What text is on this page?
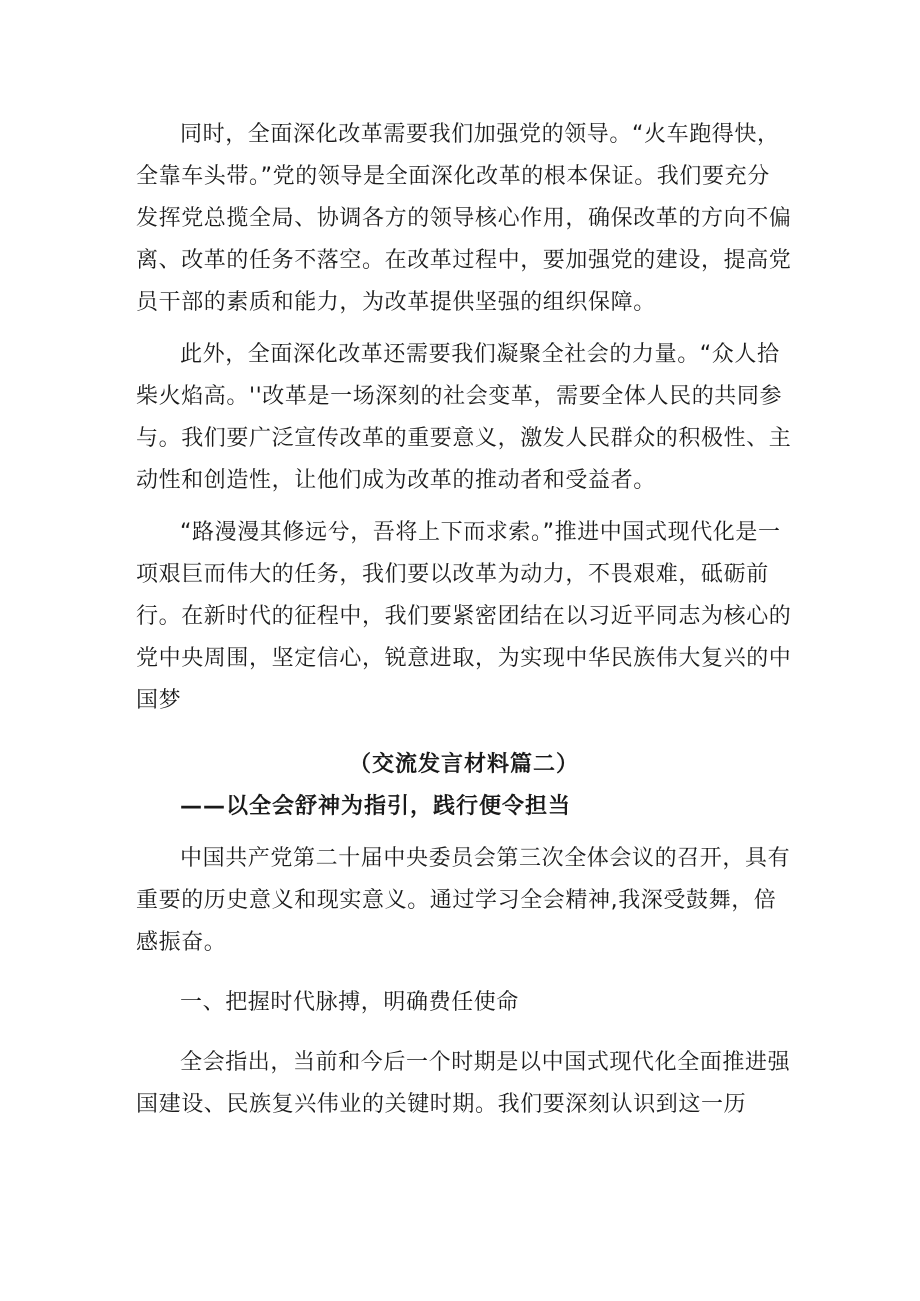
同时，全面深化改革需要我们加强党的领导。“火车跑得快，全靠车头带。”党的领导是全面深化改革的根本保证。我们要充分发挥党总揽全局、协调各方的领导核心作用，确保改革的方向不偏离、改革的任务不落空。在改革过程中，要加强党的建设，提高党员干部的素质和能力，为改革提供坚强的组织保障。

此外，全面深化改革还需要我们凝聚全社会的力量。“众人拾柴火焰高。''改革是一场深刻的社会变革，需要全体人民的共同参与。我们要广泛宣传改革的重要意义，激发人民群众的积极性、主动性和创造性，让他们成为改革的推动者和受益者。

“路漫漫其修远兮，吾将上下而求索。”推进中国式现代化是一项艰巨而伟大的任务，我们要以改革为动力，不畏艰难，砥砺前行。在新时代的征程中，我们要紧密团结在以习近平同志为核心的党中央周围，坚定信心，锐意进取，为实现中华民族伟大复兴的中国梦

（交流发言材料篇二）

——以全会舒神为指引，践行便令担当

中国共产党第二十届中央委员会第三次全体会议的召开，具有重要的历史意义和现实意义。通过学习全会精神,我深受鼓舞，倍感振奋。

一、把握时代脉搏，明确费任使命

全会指出，当前和今后一个时期是以中国式现代化全面推进强国建设、民族复兴伟业的关键时期。我们要深刻认识到这一历
